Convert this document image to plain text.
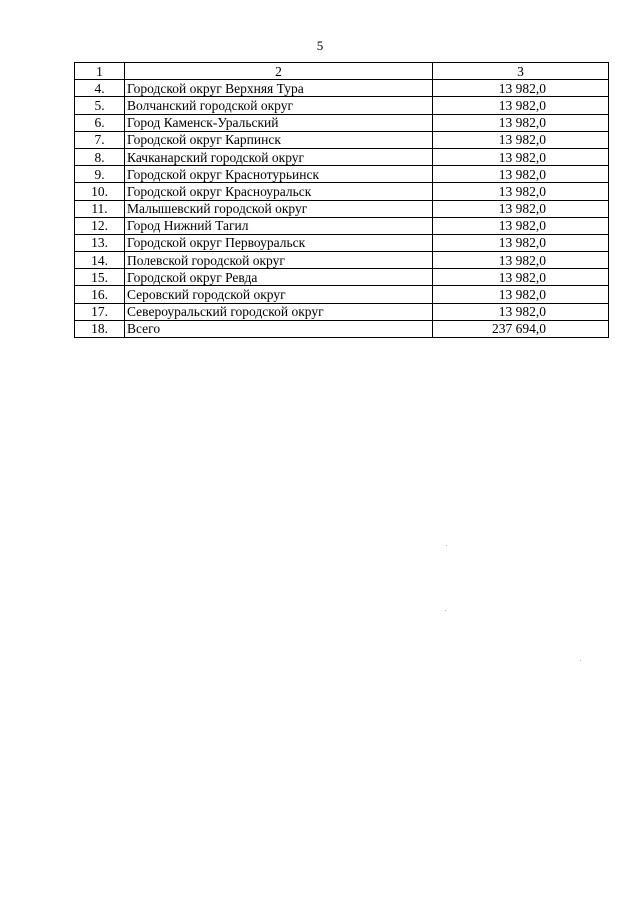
5
1	2	3
4.	Городской округ Верхняя Тура	13 982,0
5.	Волчанский городской округ	13 982,0
6.	Город Каменск-Уральский	13 982,0
7.	Городской округ Карпинск	13 982,0
8.	Качканарский городской округ	13 982,0
9.	Городской округ Краснотурьинск	13 982,0
10.	Городской округ Красноуральск	13 982,0
11.	Малышевский городской округ	13 982,0
12.	Город Нижний Тагил	13 982,0
13.	Городской округ Первоуральск	13 982,0
14.	Полевской городской округ	13 982,0
15.	Городской округ Ревда	13 982,0
16.	Серовский городской округ	13 982,0
17.	Североуральский городской округ	13 982,0
18.	Всего	237 694,0
